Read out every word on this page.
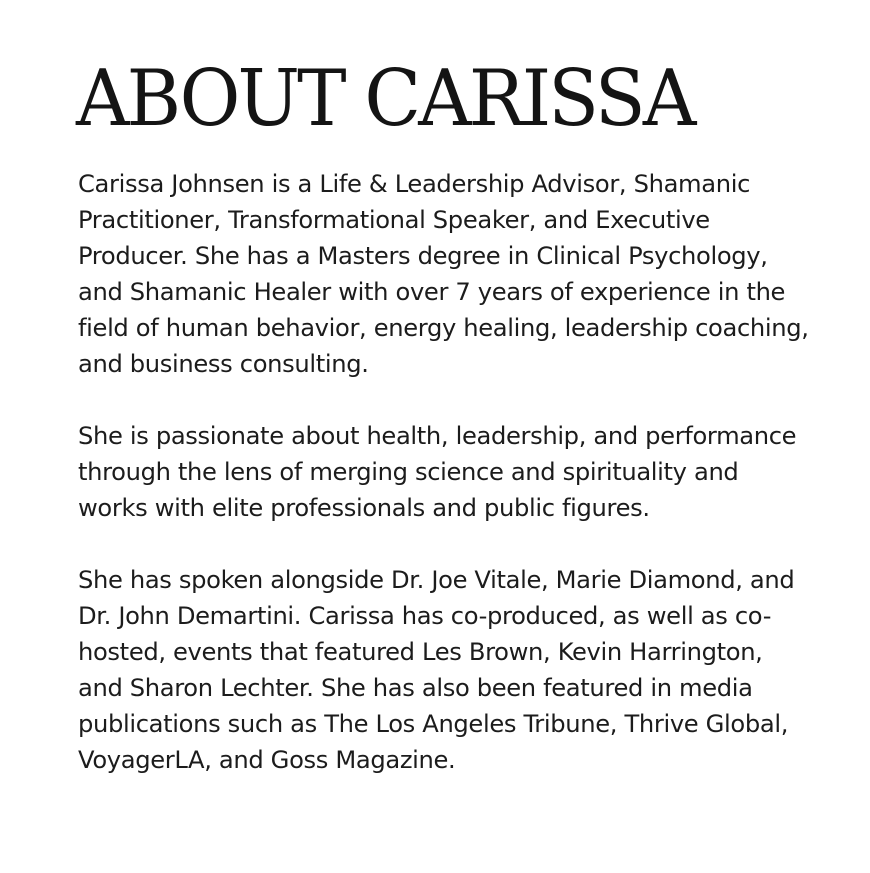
ABOUT CARISSA

Carissa Johnsen is a Life & Leadership Advisor, Shamanic Practitioner, Transformational Speaker, and Executive Producer. She has a Masters degree in Clinical Psychology, and Shamanic Healer with over 7 years of experience in the field of human behavior, energy healing, leadership coaching, and business consulting.

She is passionate about health, leadership, and performance through the lens of merging science and spirituality and works with elite professionals and public figures.

She has spoken alongside Dr. Joe Vitale, Marie Diamond, and Dr. John Demartini. Carissa has co-produced, as well as co-hosted, events that featured Les Brown, Kevin Harrington, and Sharon Lechter. She has also been featured in media publications such as The Los Angeles Tribune, Thrive Global, VoyagerLA, and Goss Magazine.
